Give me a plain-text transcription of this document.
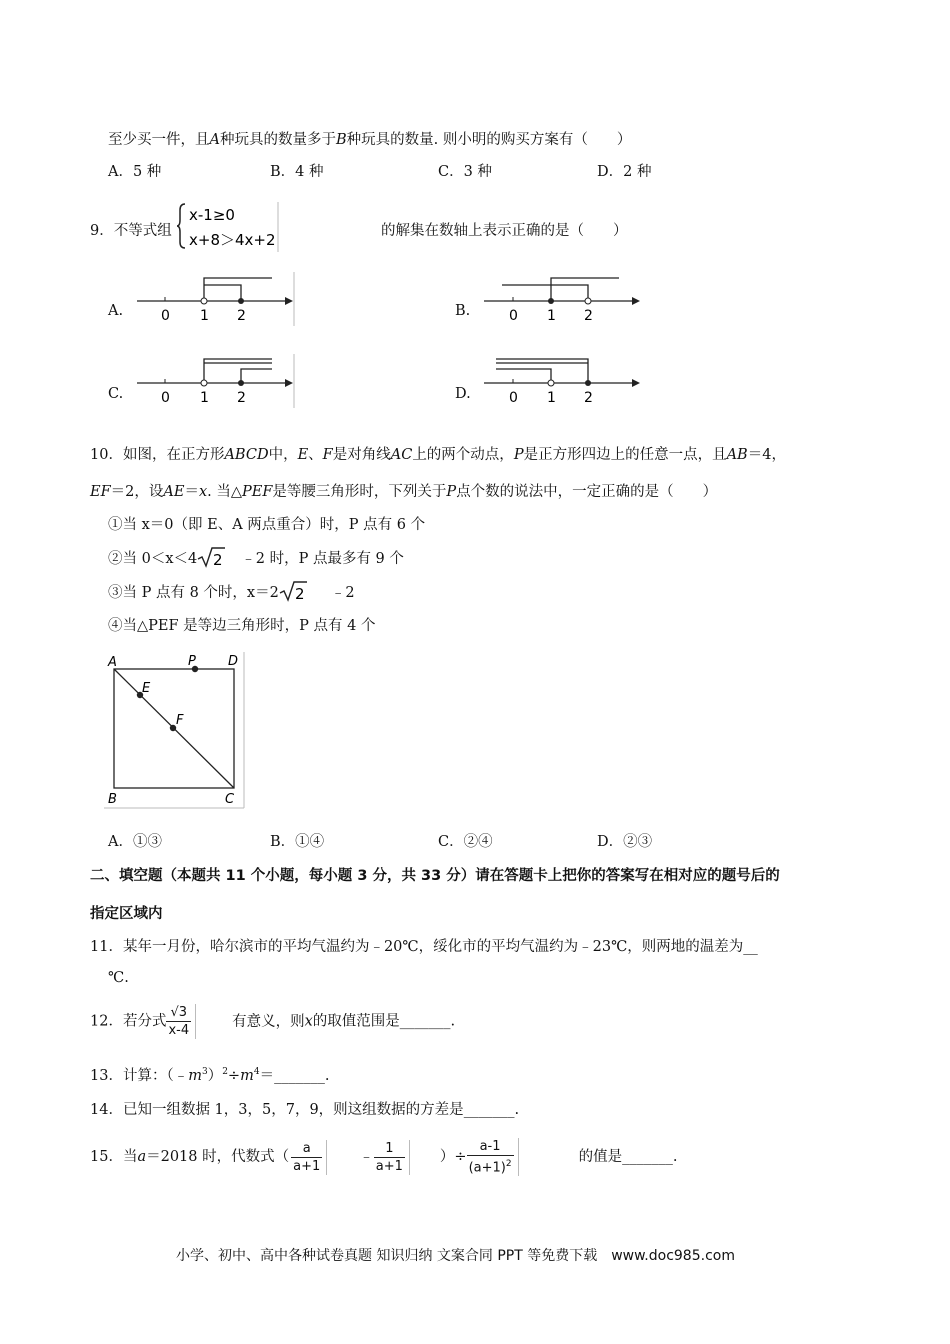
至少买一件，且A种玩具的数量多于B种玩具的数量. 则小明的购买方案有（　　）
A．5 种	B．4 种	C．3 种	D．2 种
9．不等式组
x-1≥0
x+8＞4x+2	的解集在数轴上表示正确的是（　　）
A.	B.
C.	D.
0 1 2	0 1 2
0 1 2	0 1 2
10．如图，在正方形ABCD中，E、F是对角线AC上的两个动点，P是正方形四边上的任意一点，且AB＝4，
EF＝2，设AE＝x. 当△PEF是等腰三角形时，下列关于P点个数的说法中，一定正确的是（　　）
①当 x＝0（即 E、A 两点重合）时，P 点有 6 个
②当 0＜x＜4 2 ﹣2 时，P 点最多有 9 个
③当 P 点有 8 个时，x＝2 2 ﹣2
④当△PEF 是等边三角形时，P 点有 4 个
A	P D
E
F
B	C
A．①③	B．①④	C．②④	D．②③
二、填空题（本题共 11 个小题，每小题 3 分，共 33 分）请在答题卡上把你的答案写在相对应的题号后的
指定区域内
11．某年一月份，哈尔滨市的平均气温约为﹣20℃，绥化市的平均气温约为﹣23℃，则两地的温差为__
℃.
12．若分式 $\frac{√3}{x-4}$	有意义，则x的取值范围是_______.
13．计算：$(﹣m^3)^2\div m^4=\_\_\_\_\_\_\_$.
14．已知一组数据 1，3，5，7，9，则这组数据的方差是_______.
15．当a＝2018 时，代数式（ $\frac{a}{a+1}$	﹣ $\frac{1}{a+1}$ ）÷ $\frac{a-1}{(a+1)^2}$	的值是_______.
小学、初中、高中各种试卷真题 知识归纳 文案合同 PPT 等免费下载　www.doc985.com
